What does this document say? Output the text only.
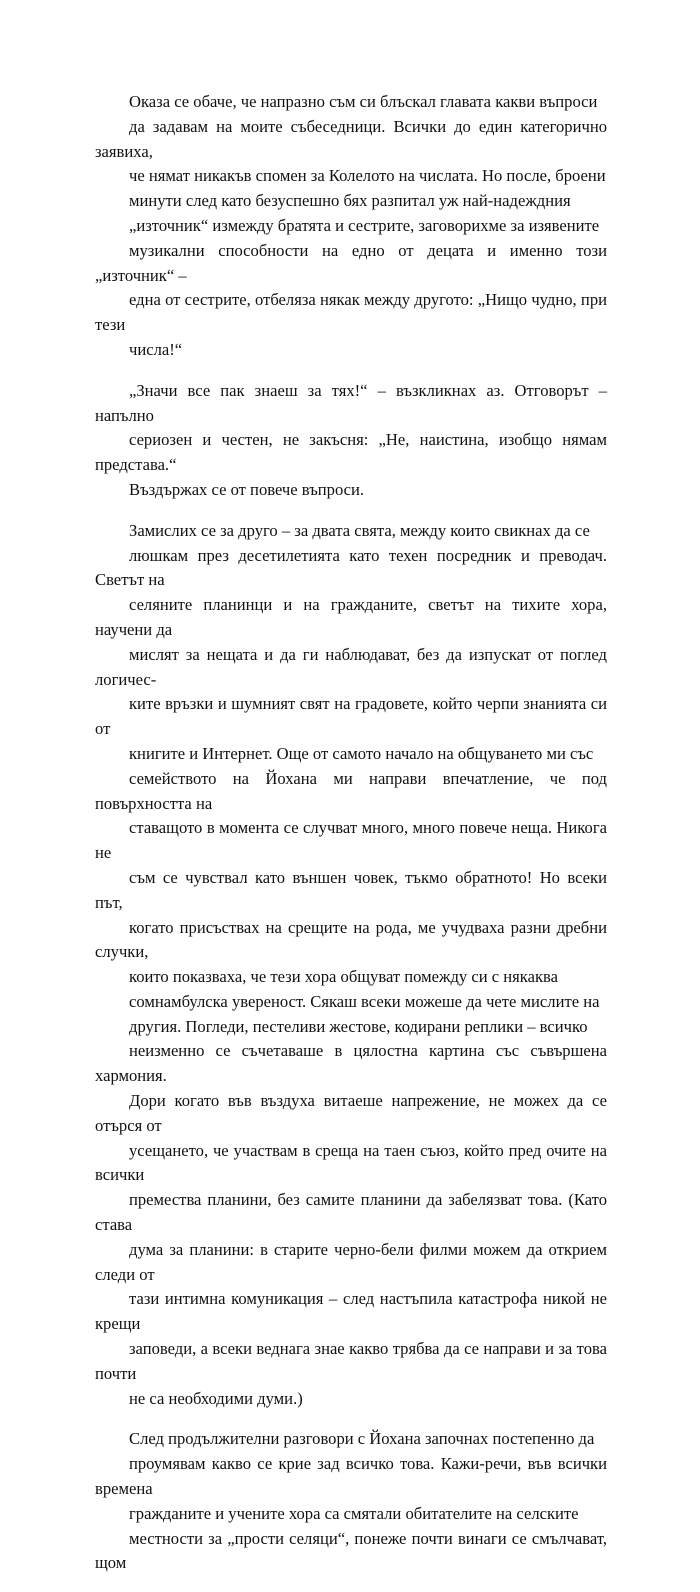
Оказа се обаче, че напразно съм си блъскал главата какви въпроси
да задавам на моите събеседници. Всички до един категорично заявиха,
че нямат никакъв спомен за Колелото на числата. Но после, броени
минути след като безуспешно бях разпитал уж най-надеждния
„източник“ измежду братята и сестрите, заговорихме за изявените
музикални способности на едно от децата и именно този „източник“ –
една от сестрите, отбеляза някак между другото: „Нищо чудно, при тези
числа!“

„Значи все пак знаеш за тях!“ – възкликнах аз. Отговорът – напълно
сериозен и честен, не закъсня: „Не, наистина, изобщо нямам представа.“
Въздържах се от повече въпроси.

Замислих се за друго – за двата свята, между които свикнах да се
люшкам през десетилетията като техен посредник и преводач. Светът на
селяните планинци и на гражданите, светът на тихите хора, научени да
мислят за нещата и да ги наблюдават, без да изпускат от поглед логичес-
ките връзки и шумният свят на градовете, който черпи знанията си от
книгите и Интернет. Още от самото начало на общуването ми със
семейството на Йохана ми направи впечатление, че под повърхността на
ставащото в момента се случват много, много повече неща. Никога не
съм се чувствал като външен човек, тъкмо обратното! Но всеки път,
когато присъствах на срещите на рода, ме учудваха разни дребни случки,
които показваха, че тези хора общуват помежду си с някаква
сомнамбулска увереност. Сякаш всеки можеше да чете мислите на
другия. Погледи, пестеливи жестове, кодирани реплики – всичко
неизменно се съчетаваше в цялостна картина със съвършена хармония.
Дори когато във въздуха витаеше напрежение, не можех да се отърся от
усещането, че участвам в среща на таен съюз, който пред очите на всички
премества планини, без самите планини да забелязват това. (Като става
дума за планини: в старите черно-бели филми можем да открием следи от
тази интимна комуникация – след настъпила катастрофа никой не крещи
заповеди, а всеки веднага знае какво трябва да се направи и за това почти
не са необходими думи.)

След продължителни разговори с Йохана започнах постепенно да
проумявам какво се крие зад всичко това. Кажи-речи, във всички времена
гражданите и учените хора са смятали обитателите на селските
местности за „прости селяци“, понеже почти винаги се смълчават, щом
